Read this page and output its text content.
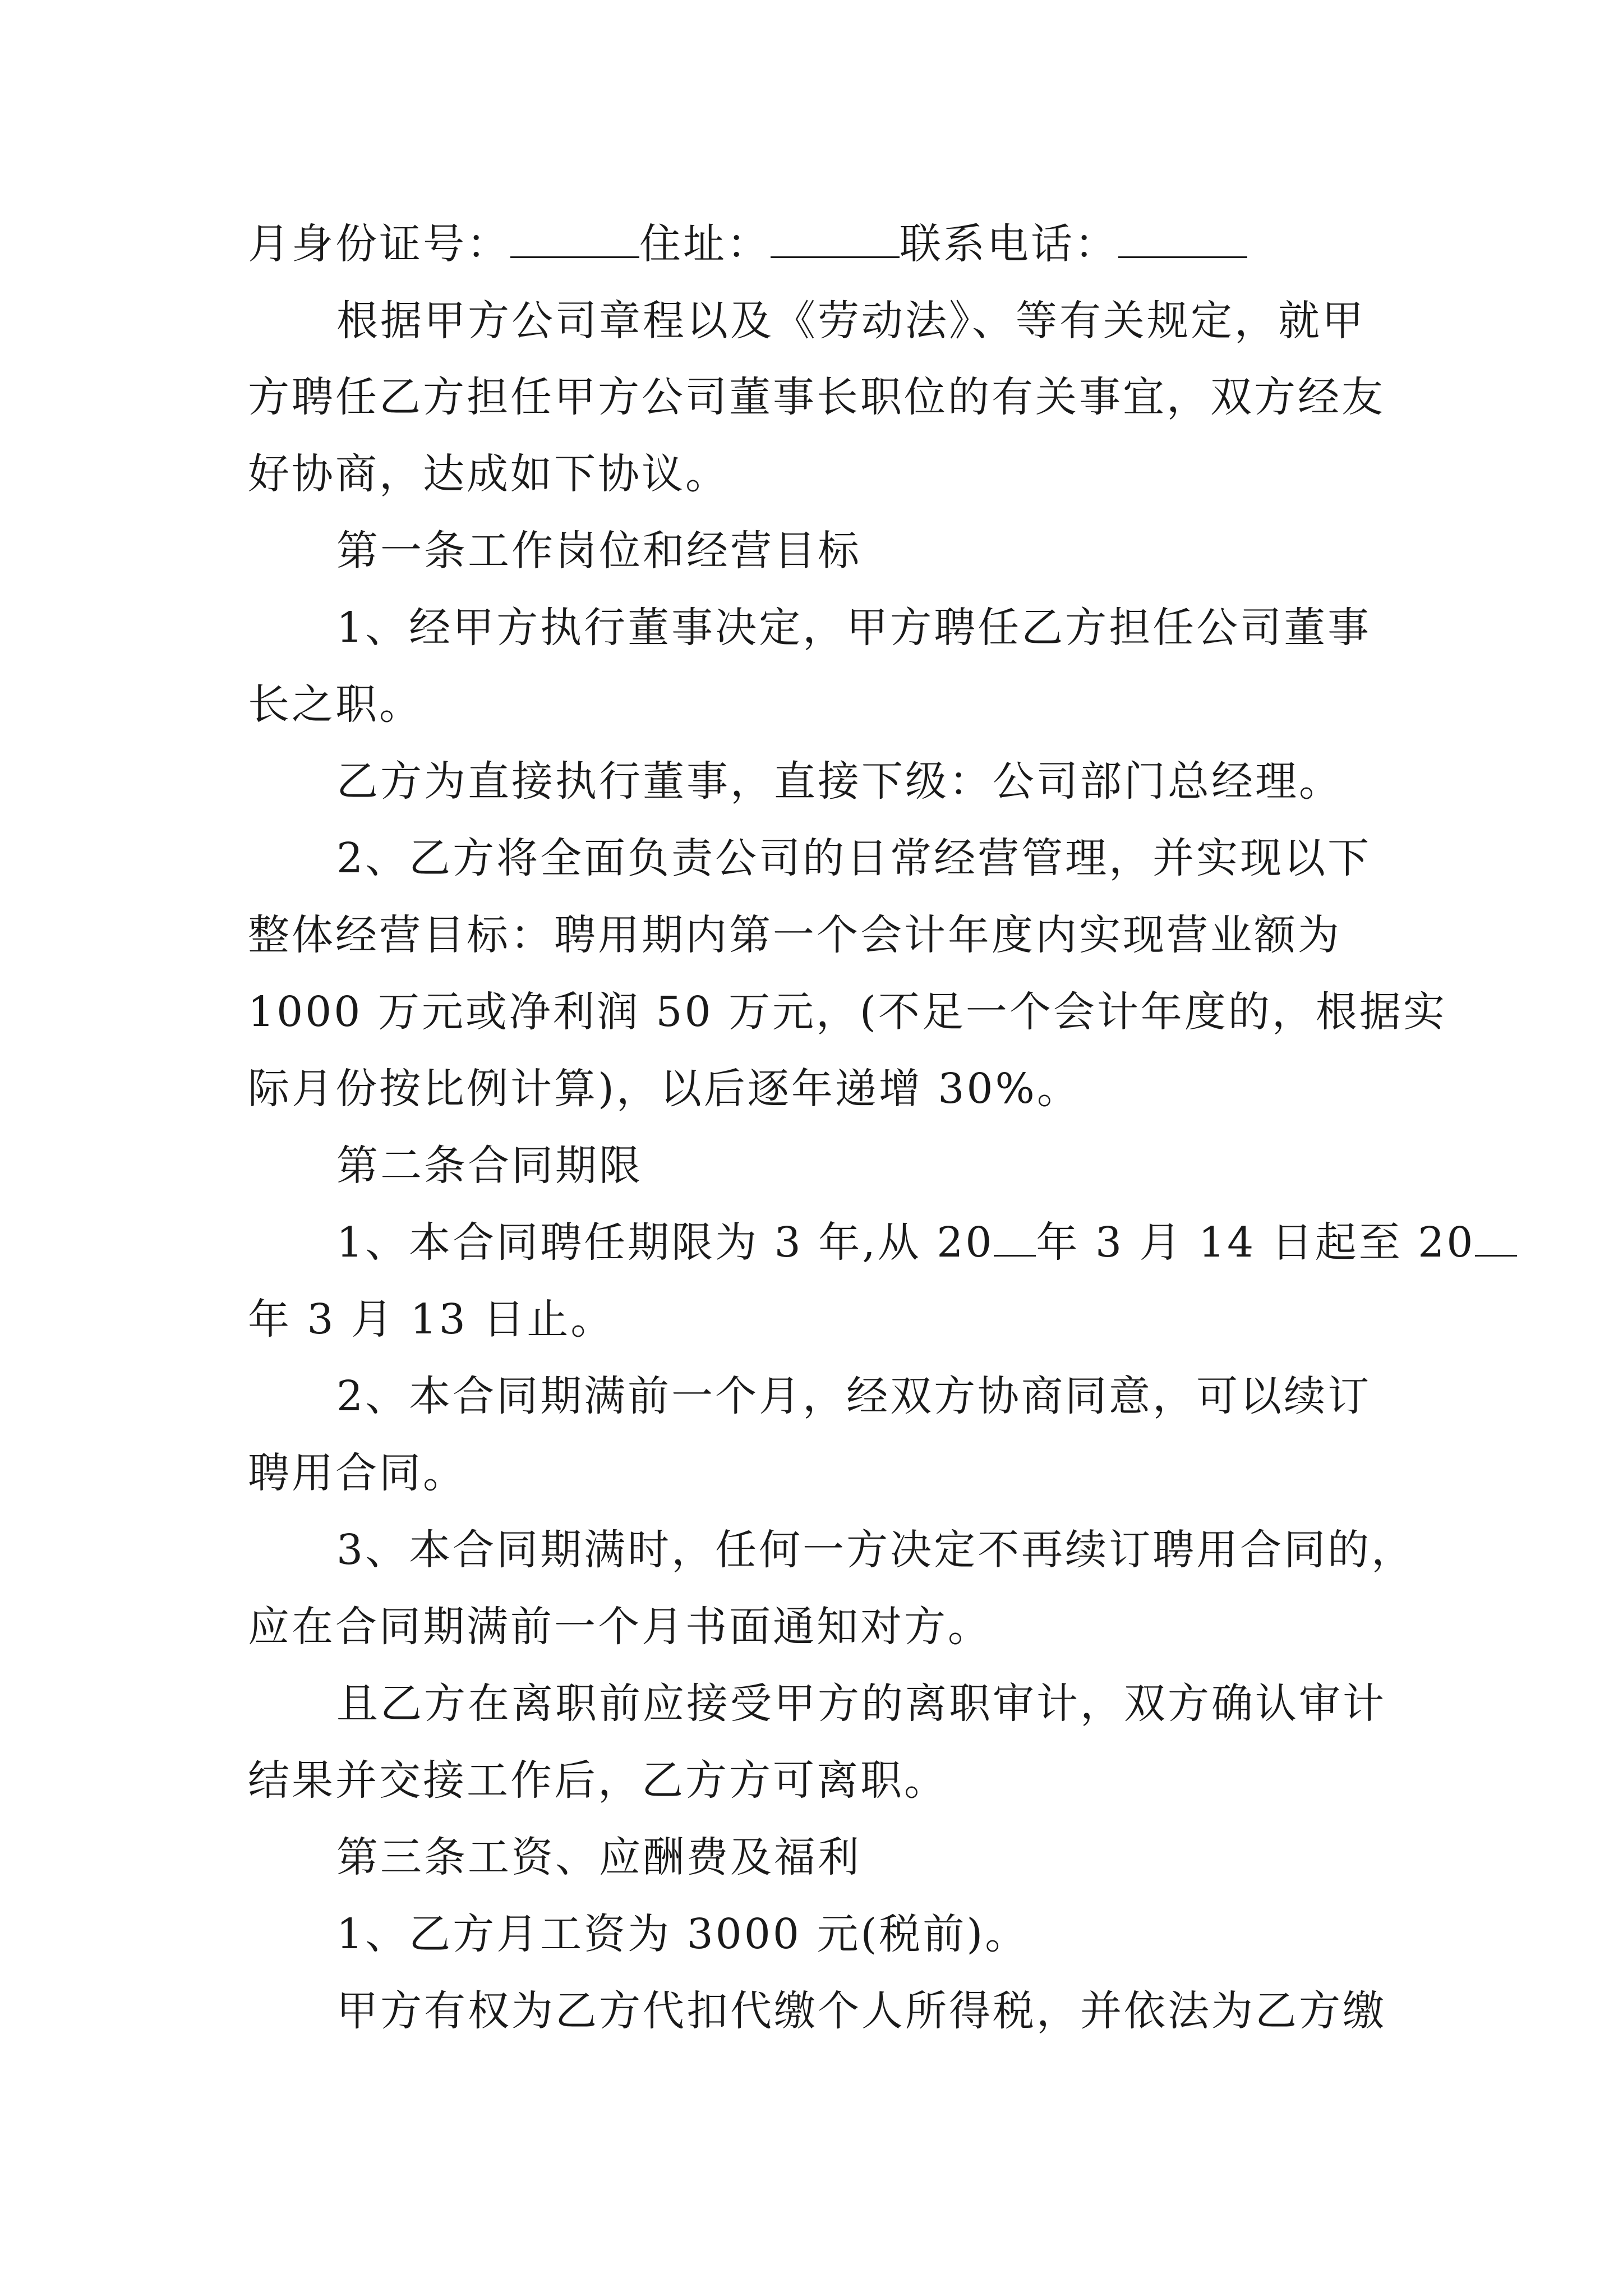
月身份证号：	住址：	联系电话：
根据甲方公司章程以及《劳动法》、等有关规定，就甲
方聘任乙方担任甲方公司董事长职位的有关事宜，双方经友
好协商，达成如下协议。
第一条工作岗位和经营目标
1、经甲方执行董事决定，甲方聘任乙方担任公司董事
长之职。
乙方为直接执行董事，直接下级：公司部门总经理。
2、乙方将全面负责公司的日常经营管理，并实现以下
整体经营目标：聘用期内第一个会计年度内实现营业额为
1000 万元或净利润 50 万元，(不足一个会计年度的，根据实
际月份按比例计算)，以后逐年递增 30%。
第二条合同期限
1、本合同聘任期限为 3 年,从 20 年 3 月 14 日起至 20
年 3 月 13 日止。
2、本合同期满前一个月，经双方协商同意，可以续订
聘用合同。
3、本合同期满时，任何一方决定不再续订聘用合同的，
应在合同期满前一个月书面通知对方。
且乙方在离职前应接受甲方的离职审计，双方确认审计
结果并交接工作后，乙方方可离职。
第三条工资、应酬费及福利
1、乙方月工资为 3000 元(税前)。
甲方有权为乙方代扣代缴个人所得税，并依法为乙方缴
